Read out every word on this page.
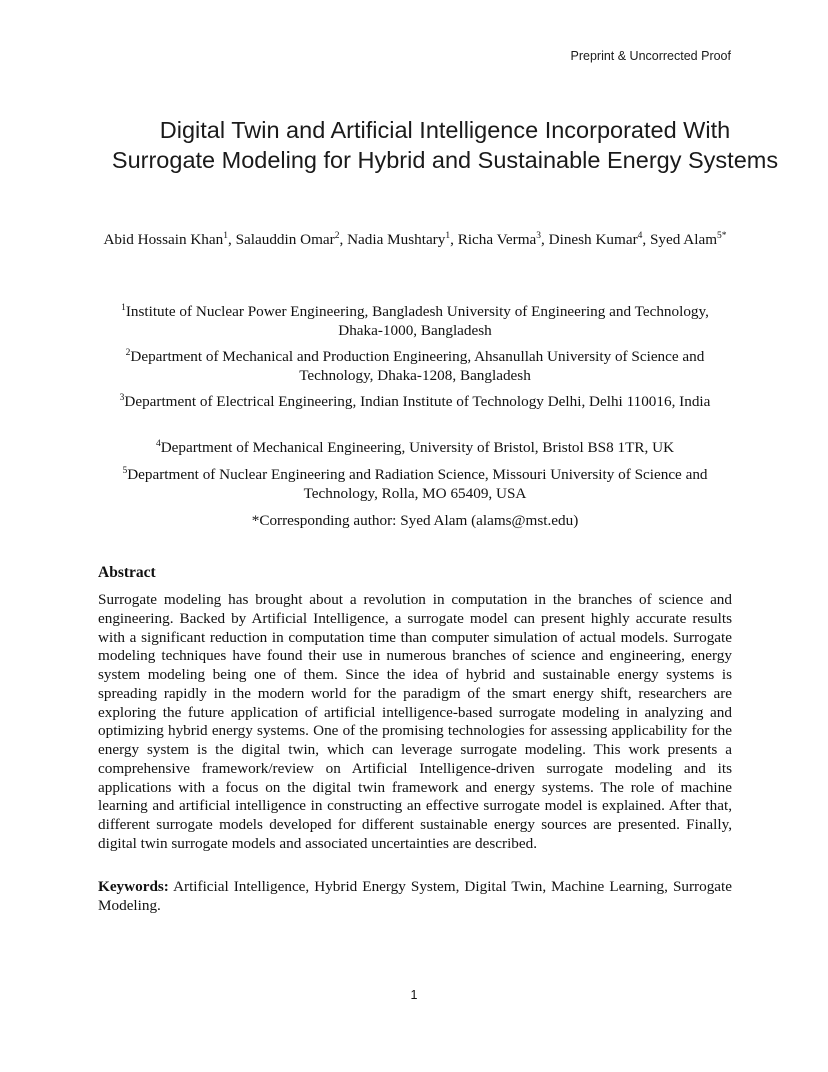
Preprint & Uncorrected Proof
Digital Twin and Artificial Intelligence Incorporated With
Surrogate Modeling for Hybrid and Sustainable Energy Systems
Abid Hossain Khan$^1$, Salauddin Omar$^2$, Nadia Mushtary$^1$, Richa Verma$^3$, Dinesh Kumar$^4$, Syed Alam$^{5*}$
$^1$Institute of Nuclear Power Engineering, Bangladesh University of Engineering and Technology, Dhaka-1000, Bangladesh
$^2$Department of Mechanical and Production Engineering, Ahsanullah University of Science and Technology, Dhaka-1208, Bangladesh
$^3$Department of Electrical Engineering, Indian Institute of Technology Delhi, Delhi 110016, India
$^4$Department of Mechanical Engineering, University of Bristol, Bristol BS8 1TR, UK
$^5$Department of Nuclear Engineering and Radiation Science, Missouri University of Science and Technology, Rolla, MO 65409, USA
*Corresponding author: Syed Alam (alams@mst.edu)
Abstract

Surrogate modeling has brought about a revolution in computation in the branches of science and engineering. Backed by Artificial Intelligence, a surrogate model can present highly accurate results with a significant reduction in computation time than computer simulation of actual models. Surrogate modeling techniques have found their use in numerous branches of science and engineering, energy system modeling being one of them. Since the idea of hybrid and sustainable energy systems is spreading rapidly in the modern world for the paradigm of the smart energy shift, researchers are exploring the future application of artificial intelligence-based surrogate modeling in analyzing and optimizing hybrid energy systems. One of the promising technologies for assessing applicability for the energy system is the digital twin, which can leverage surrogate modeling. This work presents a comprehensive framework/review on Artificial Intelligence-driven surrogate modeling and its applications with a focus on the digital twin framework and energy systems. The role of machine learning and artificial intelligence in constructing an effective surrogate model is explained. After that, different surrogate models developed for different sustainable energy sources are presented. Finally, digital twin surrogate models and associated uncertainties are described.

Keywords: Artificial Intelligence, Hybrid Energy System, Digital Twin, Machine Learning, Surrogate Modeling.

1
